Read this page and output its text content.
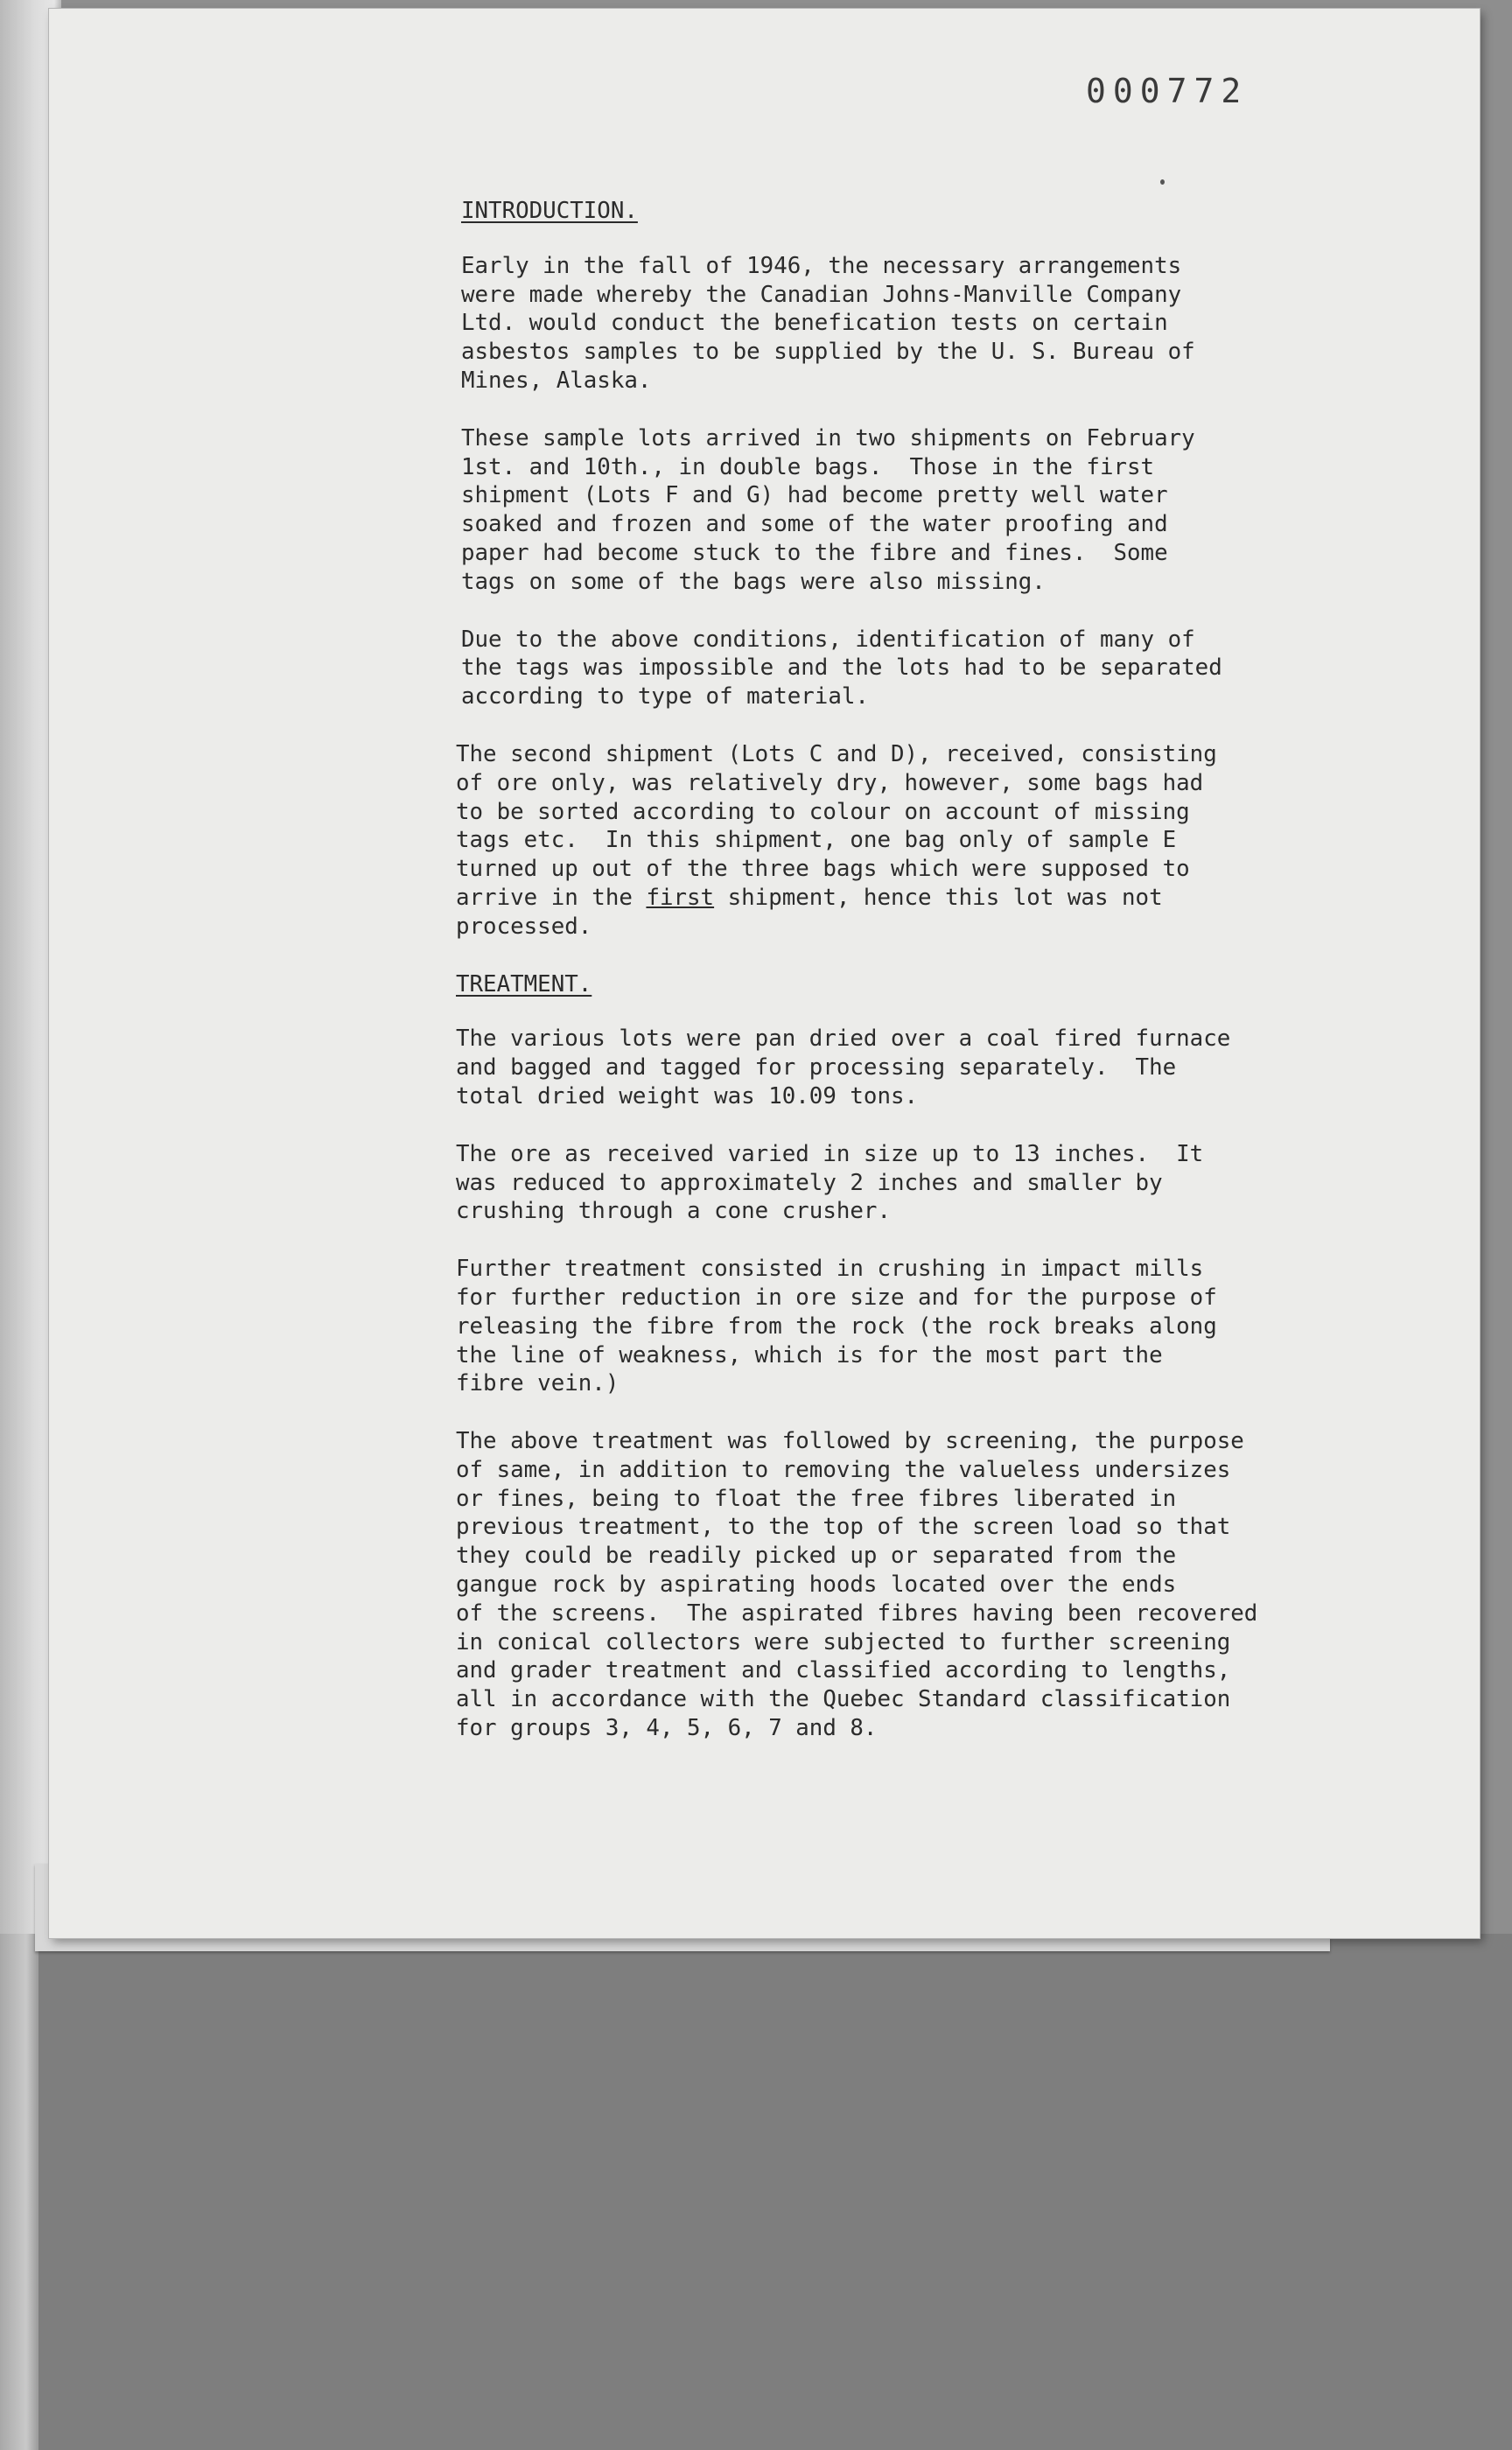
000772

INTRODUCTION.

Early in the fall of 1946, the necessary arrangements
were made whereby the Canadian Johns-Manville Company
Ltd. would conduct the benefication tests on certain
asbestos samples to be supplied by the U. S. Bureau of
Mines, Alaska.

These sample lots arrived in two shipments on February
1st. and 10th., in double bags.  Those in the first
shipment (Lots F and G) had become pretty well water
soaked and frozen and some of the water proofing and
paper had become stuck to the fibre and fines.  Some
tags on some of the bags were also missing.

Due to the above conditions, identification of many of
the tags was impossible and the lots had to be separated
according to type of material.

The second shipment (Lots C and D), received, consisting
of ore only, was relatively dry, however, some bags had
to be sorted according to colour on account of missing
tags etc.  In this shipment, one bag only of sample E
turned up out of the three bags which were supposed to
arrive in the first shipment, hence this lot was not
processed.

TREATMENT.

The various lots were pan dried over a coal fired furnace
and bagged and tagged for processing separately.  The
total dried weight was 10.09 tons.

The ore as received varied in size up to 13 inches.  It
was reduced to approximately 2 inches and smaller by
crushing through a cone crusher.

Further treatment consisted in crushing in impact mills
for further reduction in ore size and for the purpose of
releasing the fibre from the rock (the rock breaks along
the line of weakness, which is for the most part the
fibre vein.)

The above treatment was followed by screening, the purpose
of same, in addition to removing the valueless undersizes
or fines, being to float the free fibres liberated in
previous treatment, to the top of the screen load so that
they could be readily picked up or separated from the
gangue rock by aspirating hoods located over the ends
of the screens.  The aspirated fibres having been recovered
in conical collectors were subjected to further screening
and grader treatment and classified according to lengths,
all in accordance with the Quebec Standard classification
for groups 3, 4, 5, 6, 7 and 8.
